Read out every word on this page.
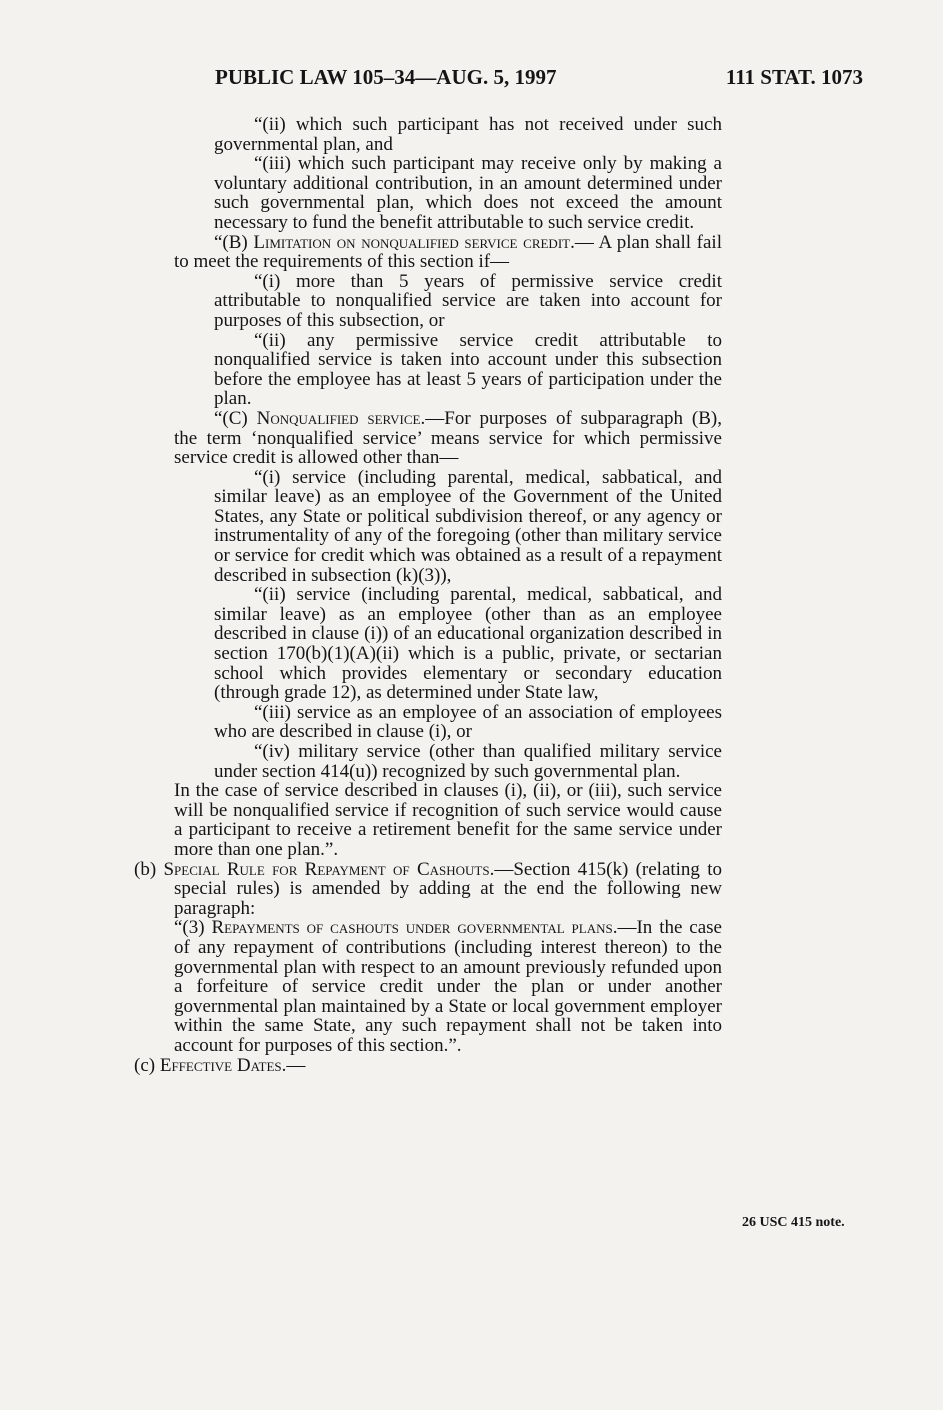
PUBLIC LAW 105–34—AUG. 5, 1997	111 STAT. 1073

“(ii) which such participant has not received under such governmental plan, and

“(iii) which such participant may receive only by making a voluntary additional contribution, in an amount determined under such governmental plan, which does not exceed the amount necessary to fund the benefit attributable to such service credit.

“(B) Limitation on nonqualified service credit.— A plan shall fail to meet the requirements of this section if—

“(i) more than 5 years of permissive service credit attributable to nonqualified service are taken into account for purposes of this subsection, or

“(ii) any permissive service credit attributable to nonqualified service is taken into account under this subsection before the employee has at least 5 years of participation under the plan.

“(C) Nonqualified service.—For purposes of subparagraph (B), the term ‘nonqualified service’ means service for which permissive service credit is allowed other than—

“(i) service (including parental, medical, sabbatical, and similar leave) as an employee of the Government of the United States, any State or political subdivision thereof, or any agency or instrumentality of any of the foregoing (other than military service or service for credit which was obtained as a result of a repayment described in subsection (k)(3)),

“(ii) service (including parental, medical, sabbatical, and similar leave) as an employee (other than as an employee described in clause (i)) of an educational organization described in section 170(b)(1)(A)(ii) which is a public, private, or sectarian school which provides elementary or secondary education (through grade 12), as determined under State law,

“(iii) service as an employee of an association of employees who are described in clause (i), or

“(iv) military service (other than qualified military service under section 414(u)) recognized by such governmental plan.

In the case of service described in clauses (i), (ii), or (iii), such service will be nonqualified service if recognition of such service would cause a participant to receive a retirement benefit for the same service under more than one plan.”.

(b) Special Rule for Repayment of Cashouts.—Section 415(k) (relating to special rules) is amended by adding at the end the following new paragraph:

“(3) Repayments of cashouts under governmental plans.—In the case of any repayment of contributions (including interest thereon) to the governmental plan with respect to an amount previously refunded upon a forfeiture of service credit under the plan or under another governmental plan maintained by a State or local government employer within the same State, any such repayment shall not be taken into account for purposes of this section.”.

(c) Effective Dates.—

26 USC 415 note.
